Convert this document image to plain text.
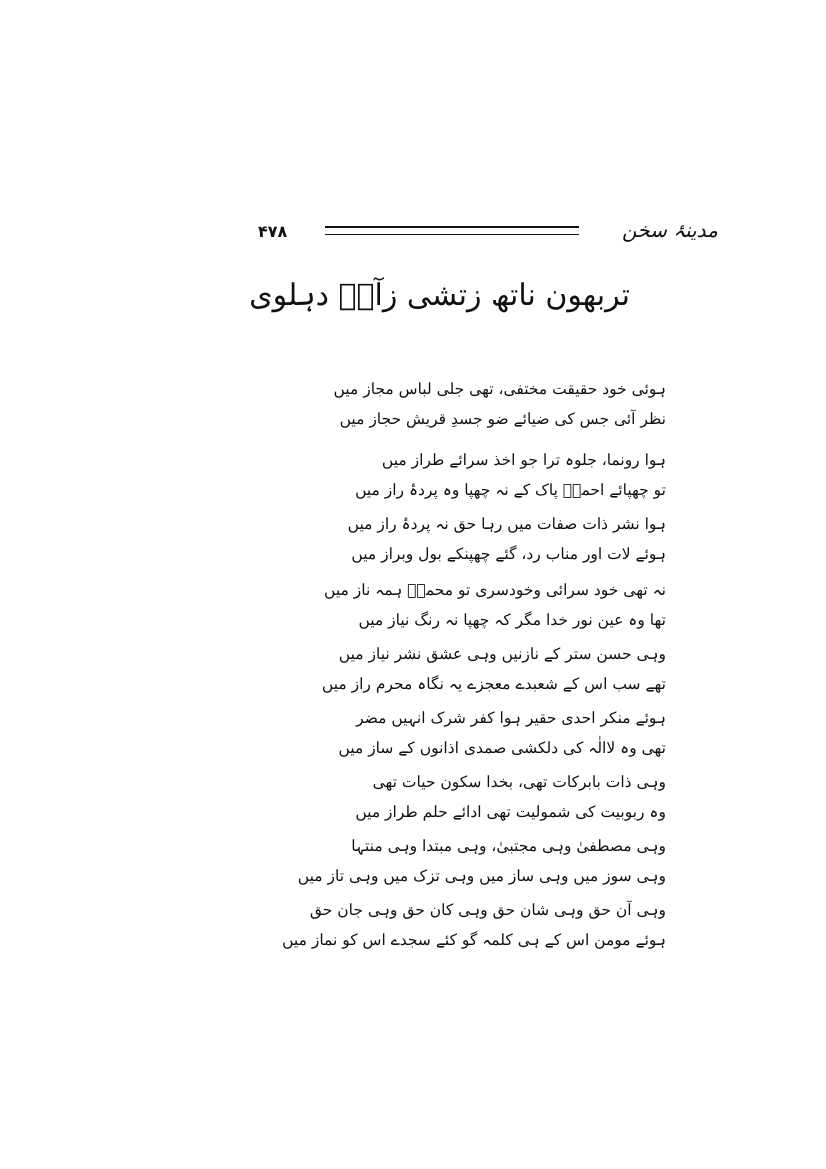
۴۷۸	مدینۂ سخن
تربھون ناتھ زتشی زآرؔ دہلوی
ہوئی خود حقیقت مختفی، تھی جلی لباس مجاز میں
نظر آئی جس کی ضیائے ضو جسدِ قریش حجاز میں
ہوا رونما، جلوہ ترا جو اخذ سرائے طراز میں
تو چھپائے احمدؐ پاک کے نہ چھپا وہ پردۂ راز میں
ہوا نشر ذات صفات میں رہا حق نہ پردۂ راز میں
ہوئے لات اور مناب رد، گئے چھپنکے بول وبراز میں
نہ تھی خود سرائی وخودسری تو محمدؐ ہمہ ناز میں
تھا وہ عین نور خدا مگر کہ چھپا نہ رنگ نیاز میں
وہی حسن ستر کے نازنیں وہی عشق نشر نیاز میں
تھے سب اس کے شعبدے معجزے یہ نگاہ محرم راز میں
ہوئے منکر احدی حقیر ہوا کفر شرک انہیں مضر
تھی وہ لاالٰہ کی دلکشی صمدی اذانوں کے ساز میں
وہی ذات بابرکات تھی، بخدا سکون حیات تھی
وہ ربوبیت کی شمولیت تھی ادائے حلم طراز میں
وہی مصطفیٰ وہی مجتبیٰ، وہی مبتدا وہی منتہا
وہی سوز میں وہی ساز میں وہی تزک میں وہی تاز میں
وہی آن حق وہی شان حق وہی کان حق وہی جان حق
ہوئے مومن اس کے ہی کلمہ گو کئے سجدے اس کو نماز میں
